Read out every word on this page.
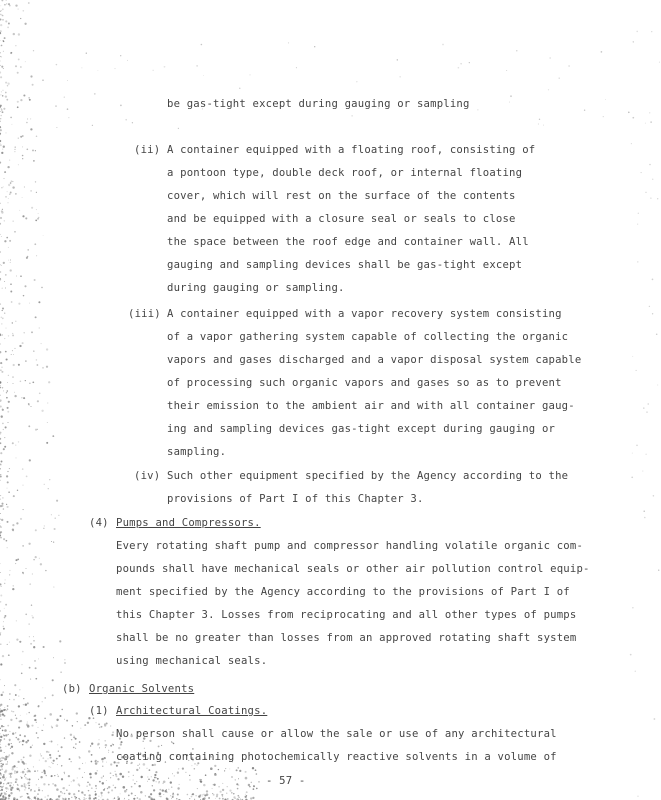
be gas-tight except during gauging or sampling
(ii) A container equipped with a floating roof, consisting of
a pontoon type, double deck roof, or internal floating
cover, which will rest on the surface of the contents
and be equipped with a closure seal or seals to close
the space between the roof edge and container wall. All
gauging and sampling devices shall be gas-tight except
during gauging or sampling.
(iii) A container equipped with a vapor recovery system consisting
of a vapor gathering system capable of collecting the organic
vapors and gases discharged and a vapor disposal system capable
of processing such organic vapors and gases so as to prevent
their emission to the ambient air and with all container gaug-
ing and sampling devices gas-tight except during gauging or
sampling.
(iv) Such other equipment specified by the Agency according to the
provisions of Part I of this Chapter 3.
(4) Pumps and Compressors.
Every rotating shaft pump and compressor handling volatile organic com-
pounds shall have mechanical seals or other air pollution control equip-
ment specified by the Agency according to the provisions of Part I of
this Chapter 3. Losses from reciprocating and all other types of pumps
shall be no greater than losses from an approved rotating shaft system
using mechanical seals.
(b) Organic Solvents
(1) Architectural Coatings.
No person shall cause or allow the sale or use of any architectural
coating containing photochemically reactive solvents in a volume of
- 57 -
